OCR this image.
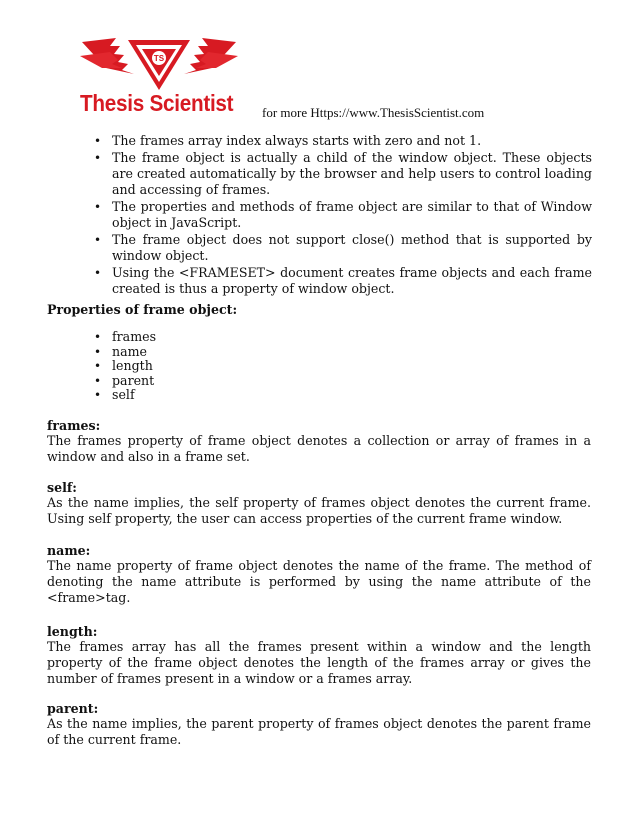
TS
Thesis Scientist for more Https://www.ThesisScientist.com
• The frames array index always starts with zero and not 1.
• The frame object is actually a child of the window object. These objects are created automatically by the browser and help users to control loading and accessing of frames.
• The properties and methods of frame object are similar to that of Window object in JavaScript.
• The frame object does not support close() method that is supported by window object.
• Using the <FRAMESET> document creates frame objects and each frame created is thus a property of window object.
Properties of frame object:
• frames
• name
• length
• parent
• self
frames:

The frames property of frame object denotes a collection or array of frames in a window and also in a frame set.

self:

As the name implies, the self property of frames object denotes the current frame. Using self property, the user can access properties of the current frame window.

name:

The name property of frame object denotes the name of the frame. The method of denoting the name attribute is performed by using the name attribute of the <frame>tag.

length:

The frames array has all the frames present within a window and the length property of the frame object denotes the length of the frames array or gives the number of frames present in a window or a frames array.

parent:

As the name implies, the parent property of frames object denotes the parent frame of the current frame.
